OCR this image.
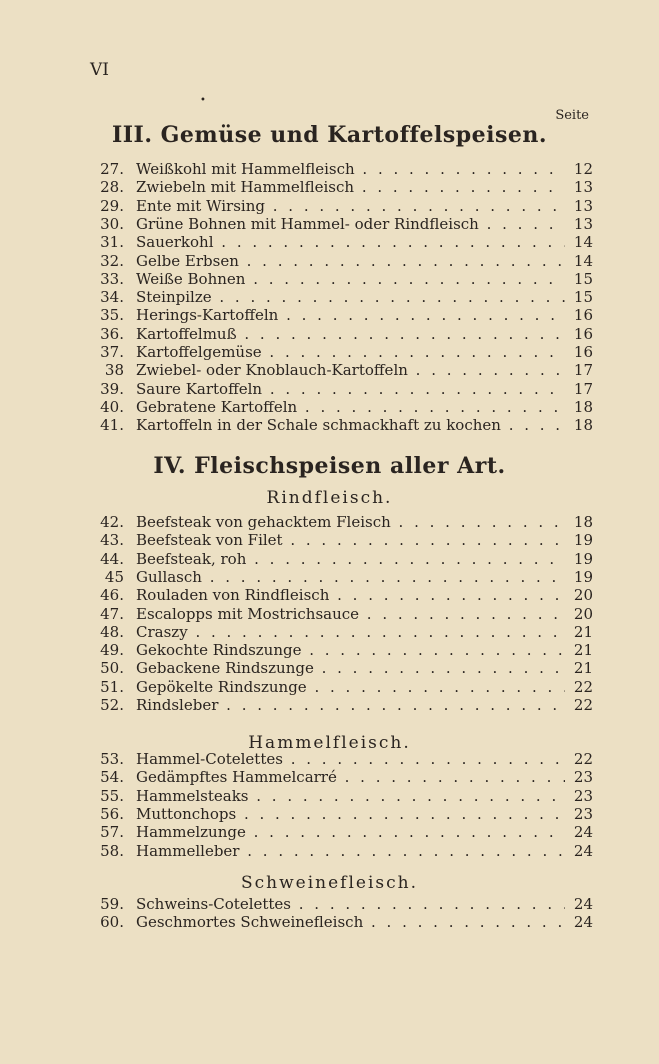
VI
•
Seite
III. Gemüse und Kartoffelspeisen.
27. Weißkohl mit Hammelfleisch . . .	12
28. Zwiebeln mit Hammelfleisch . . .	13
29. Ente mit Wirsing . . .	13
30. Grüne Bohnen mit Hammel- oder Rindfleisch . . .	13
31. Sauerkohl . . .	14
32. Gelbe Erbsen . . .	14
33. Weiße Bohnen . . .	15
34. Steinpilze . . .	15
35. Herings-Kartoffeln . . .	16
36. Kartoffelmuß . . .	16
37. Kartoffelgemüse . . .	16
38 Zwiebel- oder Knoblauch-Kartoffeln . . .	17
39. Saure Kartoffeln . . .	17
40. Gebratene Kartoffeln . . .	18
41. Kartoffeln in der Schale schmackhaft zu kochen . . .	18
IV. Fleischspeisen aller Art.
Rindfleisch.
42. Beefsteak von gehacktem Fleisch . . .	18
43. Beefsteak von Filet . . .	19
44. Beefsteak, roh . . .	19
45 Gullasch . . .	19
46. Rouladen von Rindfleisch . . .	20
47. Escalopps mit Mostrichsauce . . .	20
48. Craszy . . .	21
49. Gekochte Rindszunge . . .	21
50. Gebackene Rindszunge . . .	21
51. Gepökelte Rindszunge . . .	22
52. Rindsleber . . .	22
Hammelfleisch.
53. Hammel-Cotelettes . . .	22
54. Gedämpftes Hammelcarré . . .	23
55. Hammelsteaks . . .	23
56. Muttonchops . . .	23
57. Hammelzunge . . .	24
58. Hammelleber . . .	24
Schweinefleisch.
59. Schweins-Cotelettes . . .	24
60. Geschmortes Schweinefleisch . . .	24
